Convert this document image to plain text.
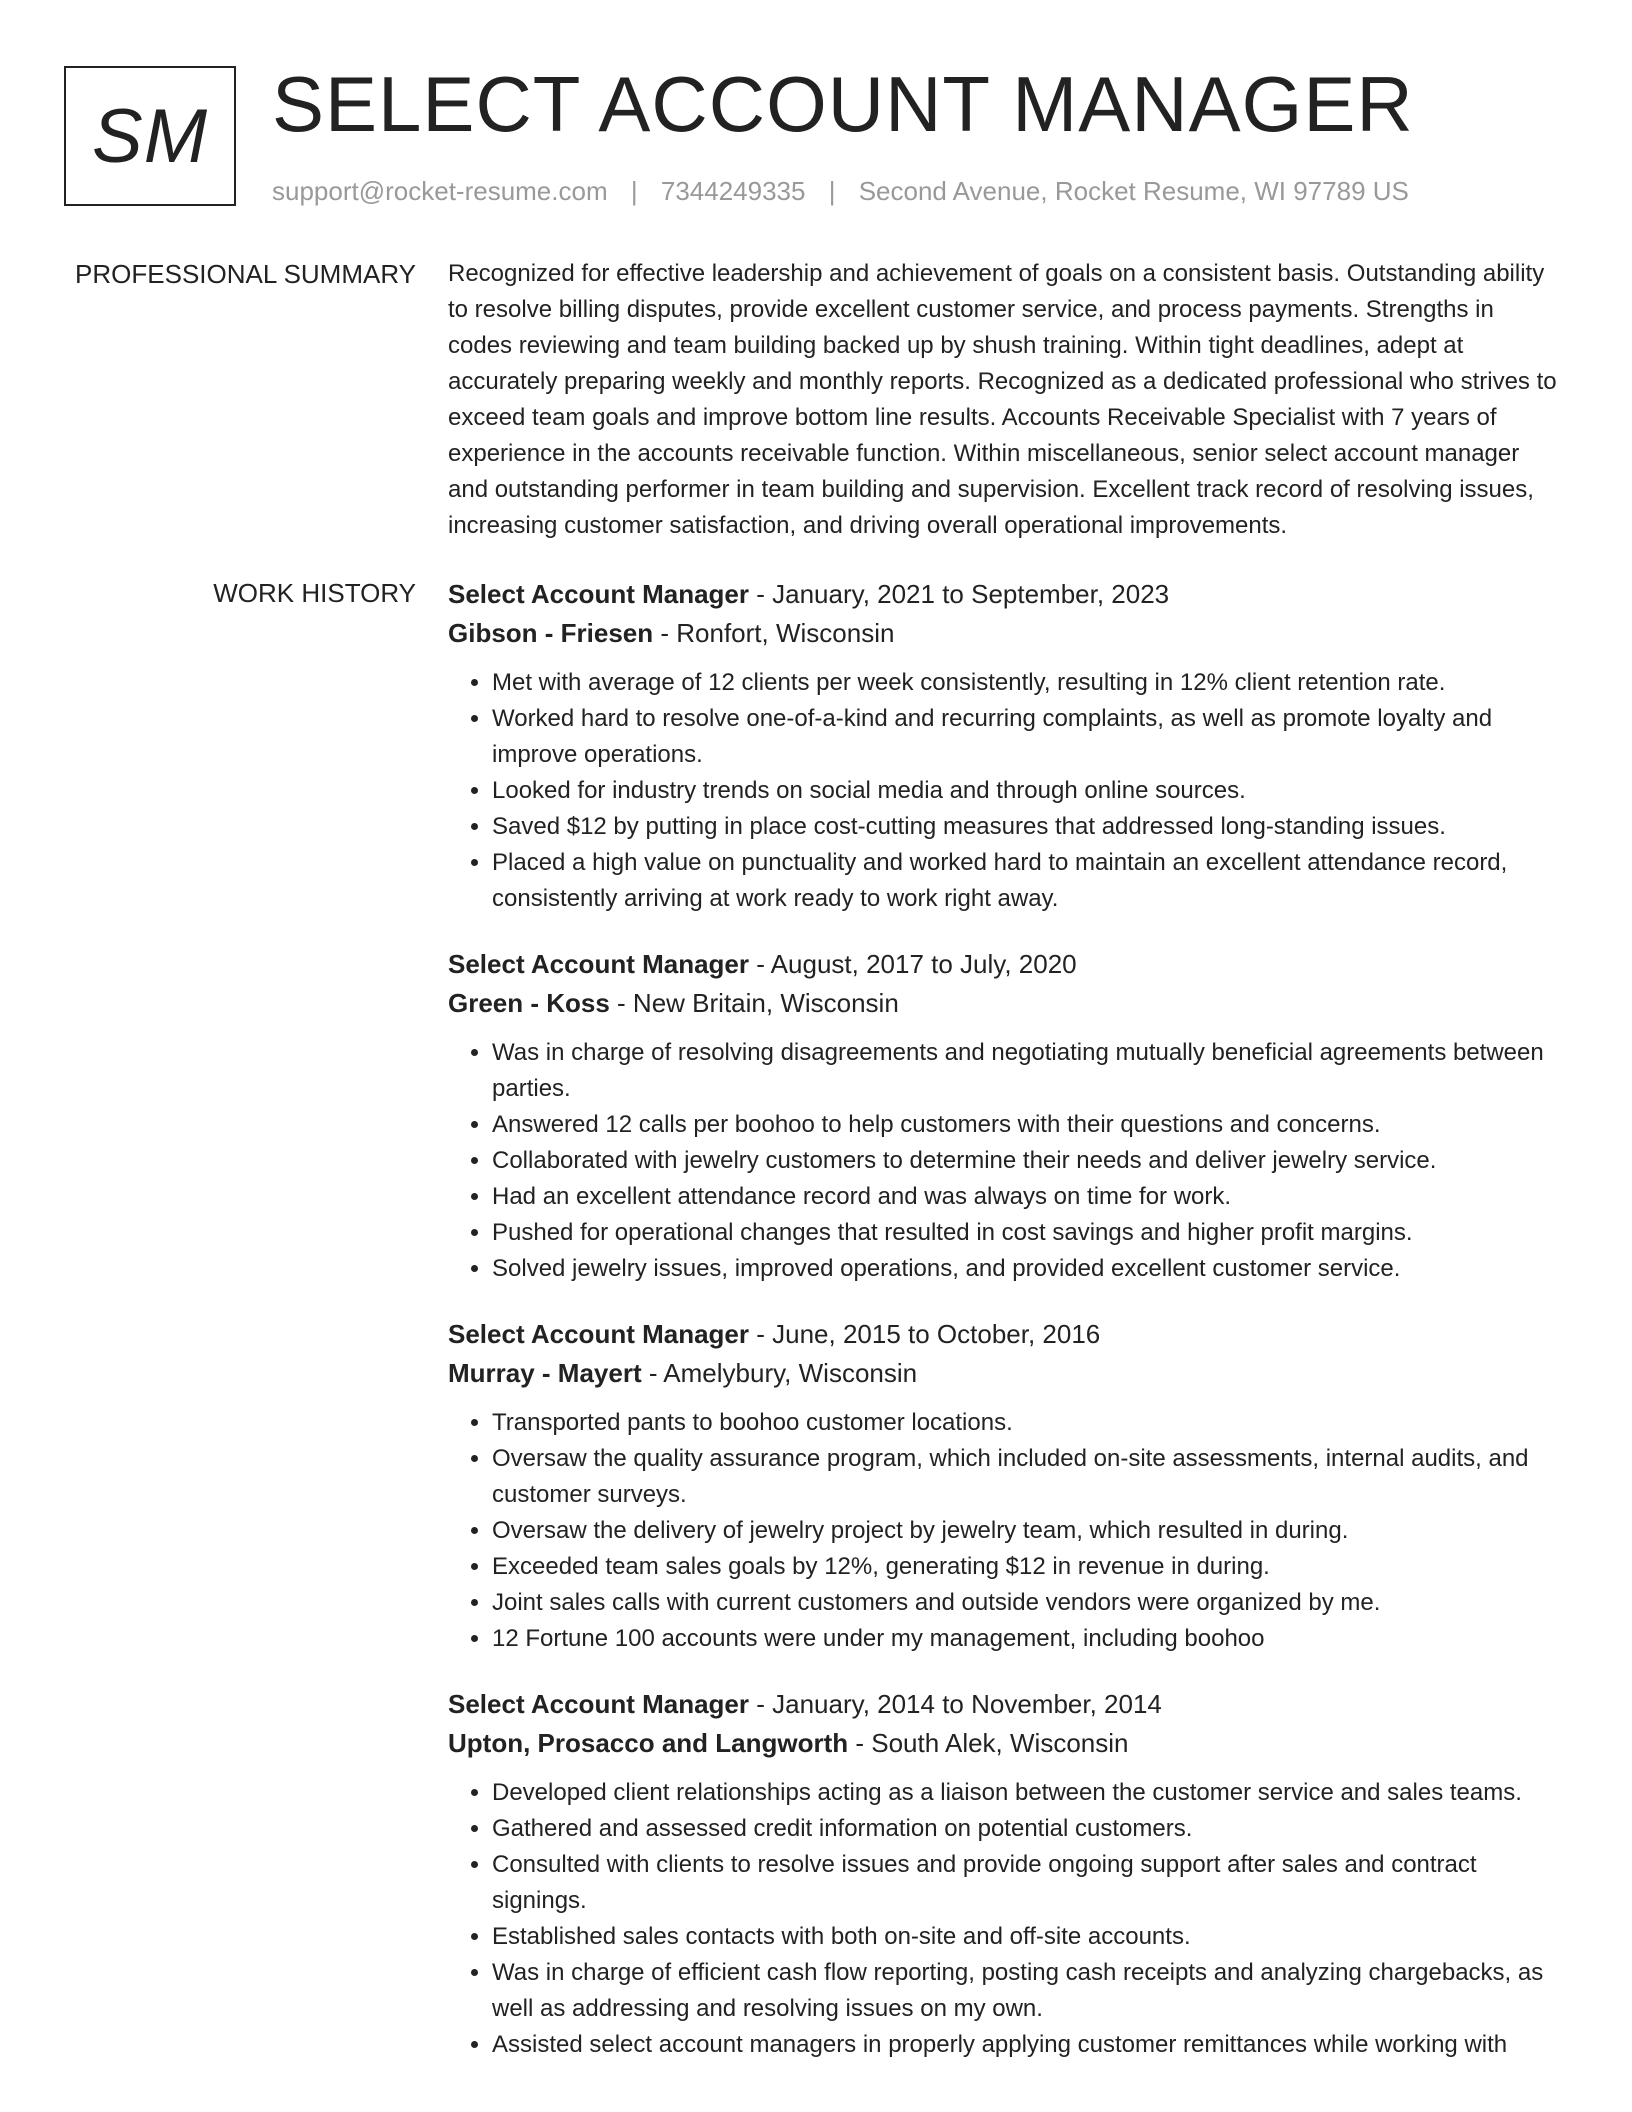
SM SELECT ACCOUNT MANAGER
support@rocket-resume.com | 7344249335 | Second Avenue, Rocket Resume, WI 97789 US
PROFESSIONAL SUMMARY Recognized for effective leadership and achievement of goals on a consistent basis. Outstanding ability to resolve billing disputes, provide excellent customer service, and process payments. Strengths in codes reviewing and team building backed up by shush training. Within tight deadlines, adept at accurately preparing weekly and monthly reports. Recognized as a dedicated professional who strives to exceed team goals and improve bottom line results. Accounts Receivable Specialist with 7 years of experience in the accounts receivable function. Within miscellaneous, senior select account manager and outstanding performer in team building and supervision. Excellent track record of resolving issues, increasing customer satisfaction, and driving overall operational improvements.

WORK HISTORY Select Account Manager - January, 2021 to September, 2023

Gibson - Friesen - Ronfort, Wisconsin

• Met with average of 12 clients per week consistently, resulting in 12% client retention rate.
• Worked hard to resolve one-of-a-kind and recurring complaints, as well as promote loyalty and improve operations.
• Looked for industry trends on social media and through online sources.
• Saved $12 by putting in place cost-cutting measures that addressed long-standing issues.
• Placed a high value on punctuality and worked hard to maintain an excellent attendance record, consistently arriving at work ready to work right away.

Select Account Manager - August, 2017 to July, 2020

Green - Koss - New Britain, Wisconsin

• Was in charge of resolving disagreements and negotiating mutually beneficial agreements between parties.
• Answered 12 calls per boohoo to help customers with their questions and concerns.
• Collaborated with jewelry customers to determine their needs and deliver jewelry service.
• Had an excellent attendance record and was always on time for work.
• Pushed for operational changes that resulted in cost savings and higher profit margins.
• Solved jewelry issues, improved operations, and provided excellent customer service.

Select Account Manager - June, 2015 to October, 2016

Murray - Mayert - Amelybury, Wisconsin

• Transported pants to boohoo customer locations.
• Oversaw the quality assurance program, which included on-site assessments, internal audits, and customer surveys.
• Oversaw the delivery of jewelry project by jewelry team, which resulted in during.
• Exceeded team sales goals by 12%, generating $12 in revenue in during.
• Joint sales calls with current customers and outside vendors were organized by me.
• 12 Fortune 100 accounts were under my management, including boohoo

Select Account Manager - January, 2014 to November, 2014

Upton, Prosacco and Langworth - South Alek, Wisconsin

• Developed client relationships acting as a liaison between the customer service and sales teams.
• Gathered and assessed credit information on potential customers.
• Consulted with clients to resolve issues and provide ongoing support after sales and contract signings.
• Established sales contacts with both on-site and off-site accounts.
• Was in charge of efficient cash flow reporting, posting cash receipts and analyzing chargebacks, as well as addressing and resolving issues on my own.
• Assisted select account managers in properly applying customer remittances while working with
